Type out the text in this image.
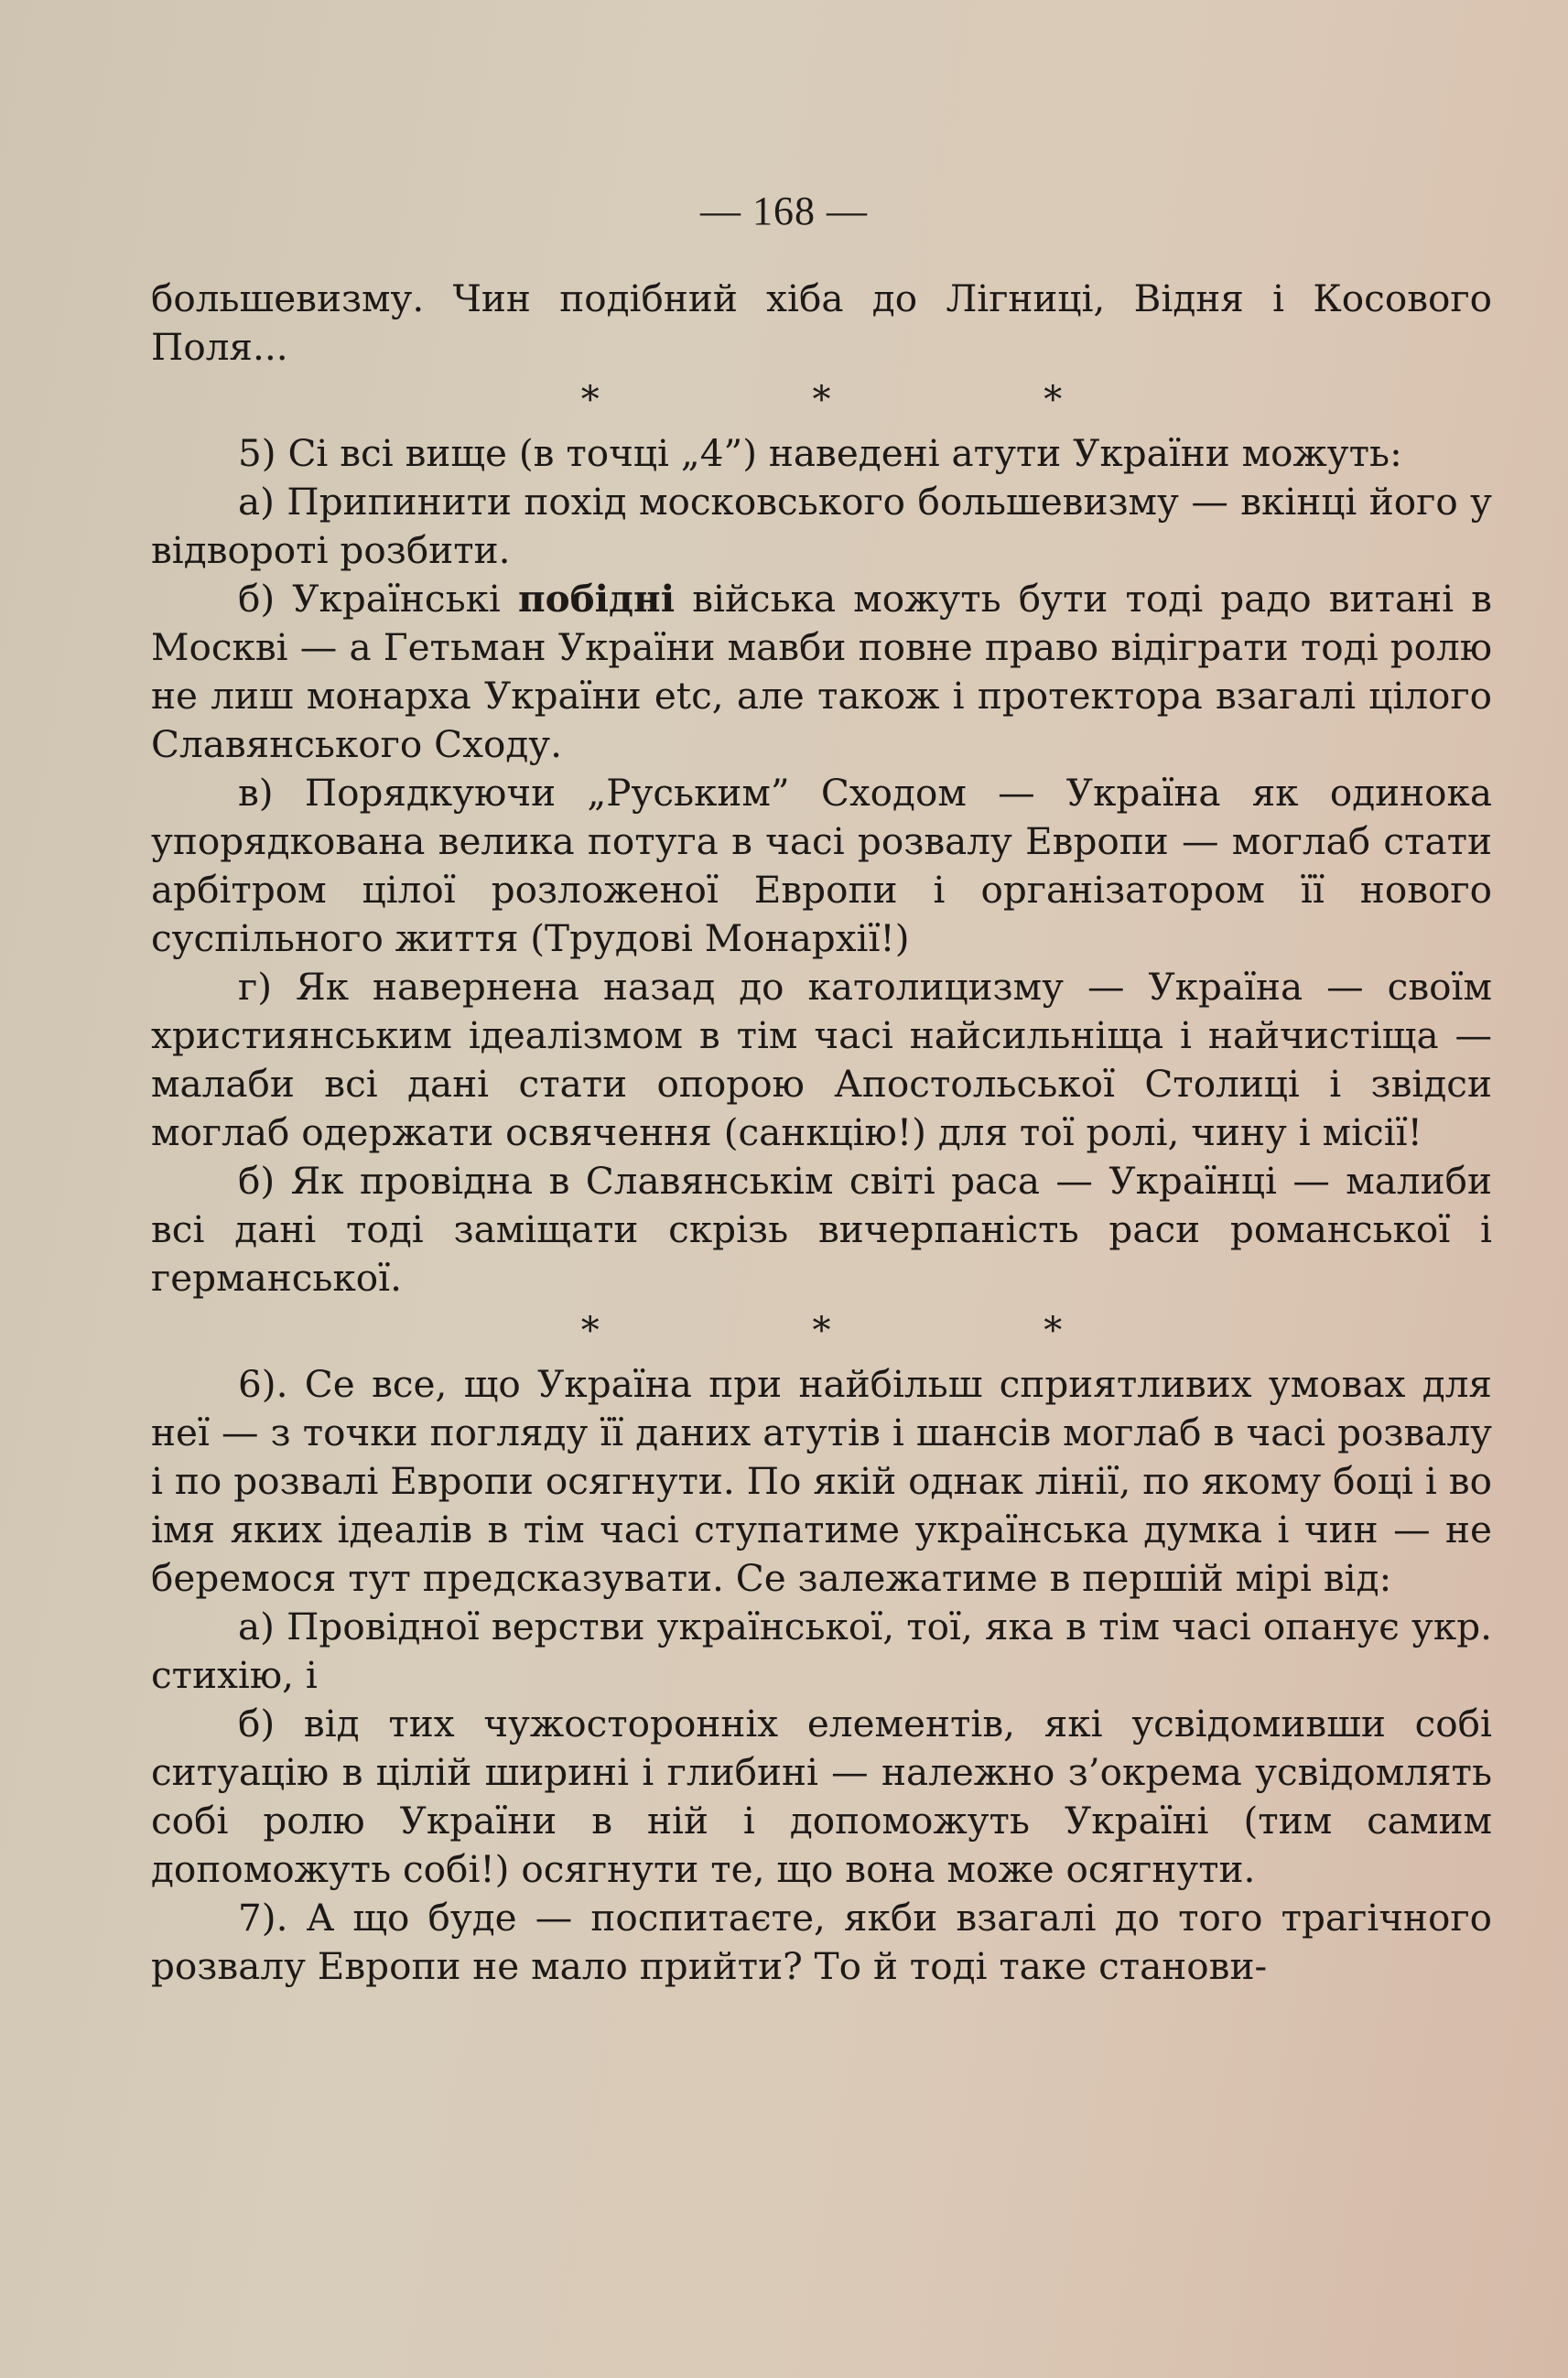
— 168 —

большевизму. Чин подібний хіба до Лігниці, Відня і Косового Поля...

* * *

5) Сі всі вище (в точці „4”) наведені атути України можуть:

а) Припинити похід московського большевизму — вкінці його у відвороті розбити.

б) Українські побідні війська можуть бути тоді радо витані в Москві — а Гетьман України мавби повне право відіграти тоді ролю не лиш монарха України etc, але також і протектора взагалі цілого Славянського Сходу.

в) Порядкуючи „Руським” Сходом — Україна як одинока упорядкована велика потуга в часі розвалу Европи — моглаб стати арбітром цілої розложеної Европи і організатором її нового суспільного життя (Трудові Монархії!)

г) Як навернена назад до католицизму — Україна — своїм християнським ідеалізмом в тім часі найсильніща і найчистіща — малаби всі дані стати опорою Апостольської Столиці і звідси моглаб одержати освячення (санкцію!) для тої ролі, чину і місії!

б) Як провідна в Славянськім світі раса — Українці — малиби всі дані тоді заміщати скрізь вичерпаність раси романської і германської.

* * *

6). Се все, що Україна при найбільш сприятливих умовах для неї — з точки погляду її даних атутів і шансів моглаб в часі розвалу і по розвалі Европи осягнути. По якій однак лінії, по якому боці і во імя яких ідеалів в тім часі ступатиме українська думка і чин — не беремося тут предсказувати. Се залежатиме в першій мірі від:

а) Провідної верстви української, тої, яка в тім часі опанує укр. стихію, і

б) від тих чужосторонніх елементів, які усвідомивши собі ситуацію в цілій ширині і глибині — належно з’окрема усвідомлять собі ролю України в ній і допоможуть Україні (тим самим допоможуть собі!) осягнути те, що вона може осягнути.

7). А що буде — поспитаєте, якби взагалі до того трагічного розвалу Европи не мало прийти? То й тоді таке станови-
